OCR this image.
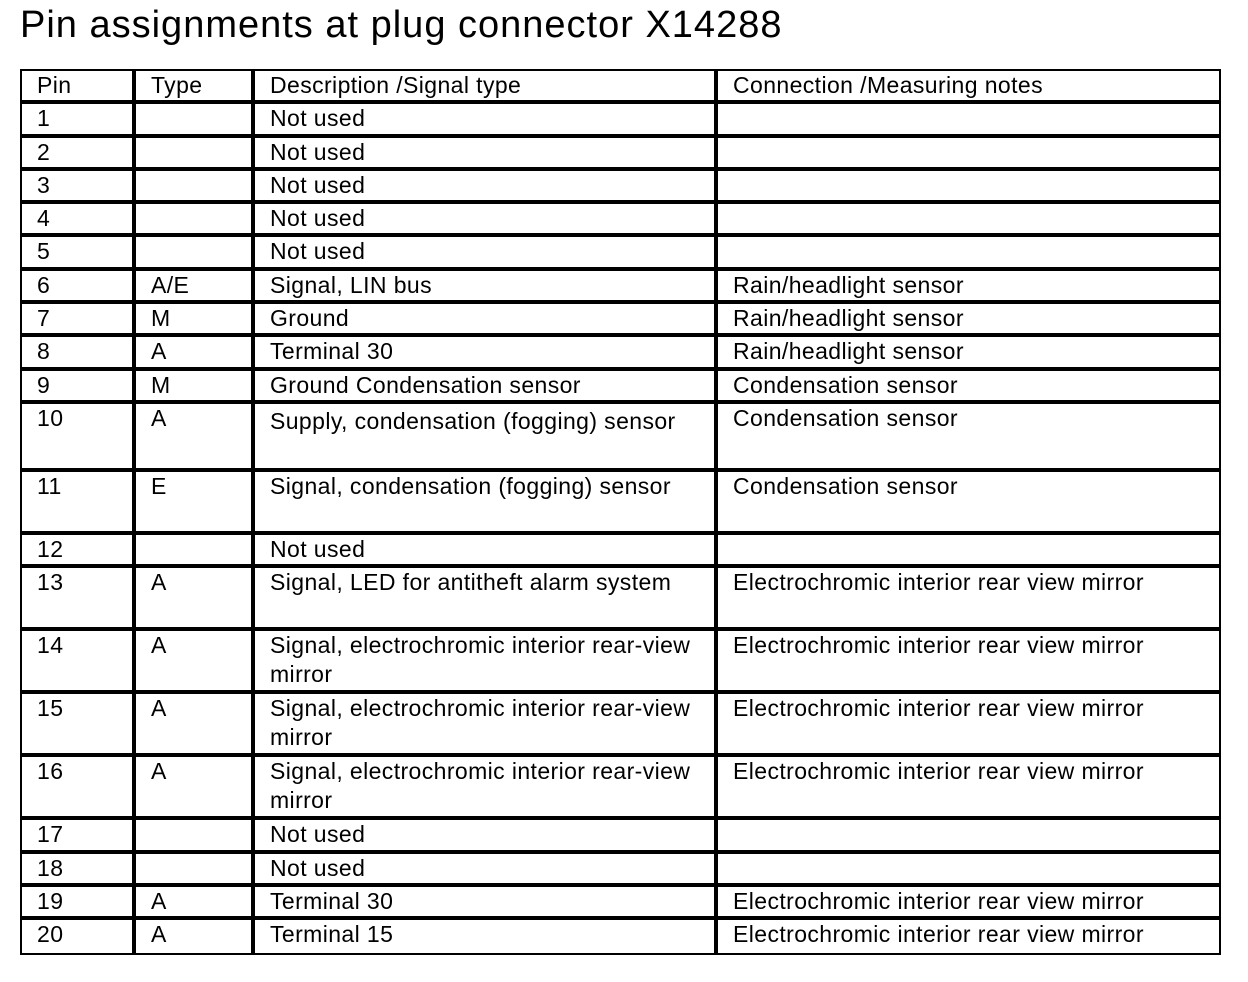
Pin assignments at plug connector X14288
Pin	Type	Description /Signal type	Connection /Measuring notes
1		Not used	
2		Not used	
3		Not used	
4		Not used	
5		Not used	
6	A/E	Signal, LIN bus	Rain/headlight sensor
7	M	Ground	Rain/headlight sensor
8	A	Terminal 30	Rain/headlight sensor
9	M	Ground Condensation sensor	Condensation sensor
10	A	Supply, condensation (fogging) sensor	Condensation sensor
11	E	Signal, condensation (fogging) sensor	Condensation sensor
12		Not used	
13	A	Signal, LED for antitheft alarm system	Electrochromic interior rear view mirror
14	A	Signal, electrochromic interior rear-view mirror	Electrochromic interior rear view mirror
15	A	Signal, electrochromic interior rear-view mirror	Electrochromic interior rear view mirror
16	A	Signal, electrochromic interior rear-view mirror	Electrochromic interior rear view mirror
17		Not used	
18		Not used	
19	A	Terminal 30	Electrochromic interior rear view mirror
20	A	Terminal 15	Electrochromic interior rear view mirror
